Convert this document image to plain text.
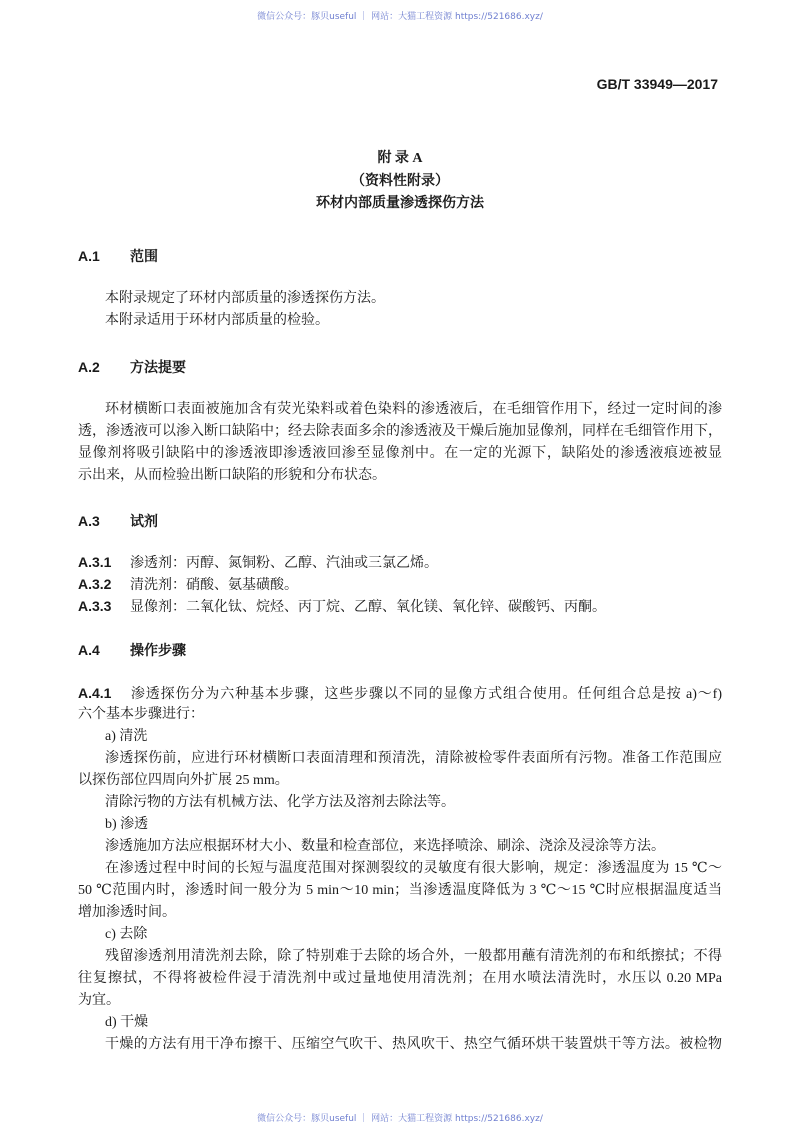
微信公众号：豚贝useful ｜ 网站：大猫工程资源 https://521686.xyz/
GB/T 33949—2017
附 录 A
（资料性附录）
环材内部质量渗透探伤方法
A.1 范围
本附录规定了环材内部质量的渗透探伤方法。
本附录适用于环材内部质量的检验。
A.2 方法提要
环材横断口表面被施加含有荧光染料或着色染料的渗透液后，在毛细管作用下，经过一定时间的渗
透，渗透液可以渗入断口缺陷中；经去除表面多余的渗透液及干燥后施加显像剂，同样在毛细管作用下，
显像剂将吸引缺陷中的渗透液即渗透液回渗至显像剂中。在一定的光源下，缺陷处的渗透液痕迹被显
示出来，从而检验出断口缺陷的形貌和分布状态。
A.3 试剂
A.3.1 渗透剂：丙醇、氮铜粉、乙醇、汽油或三氯乙烯。
A.3.2 清洗剂：硝酸、氨基磺酸。
A.3.3 显像剂：二氧化钛、烷烃、丙丁烷、乙醇、氧化镁、氧化锌、碳酸钙、丙酮。
A.4 操作步骤
A.4.1 渗透探伤分为六种基本步骤，这些步骤以不同的显像方式组合使用。任何组合总是按 a)～f)
六个基本步骤进行：
a) 清洗
渗透探伤前，应进行环材横断口表面清理和预清洗，清除被检零件表面所有污物。准备工作范围应
以探伤部位四周向外扩展 25 mm。
清除污物的方法有机械方法、化学方法及溶剂去除法等。
b) 渗透
渗透施加方法应根据环材大小、数量和检查部位，来选择喷涂、刷涂、浇涂及浸涂等方法。
在渗透过程中时间的长短与温度范围对探测裂纹的灵敏度有很大影响，规定：渗透温度为 15 ℃～
50 ℃范围内时，渗透时间一般分为 5 min～10 min；当渗透温度降低为 3 ℃～15 ℃时应根据温度适当
增加渗透时间。
c) 去除
残留渗透剂用清洗剂去除，除了特别难于去除的场合外，一般都用蘸有清洗剂的布和纸擦拭；不得
往复擦拭，不得将被检件浸于清洗剂中或过量地使用清洗剂；在用水喷法清洗时，水压以 0.20 MPa
为宜。
d) 干燥
干燥的方法有用干净布擦干、压缩空气吹干、热风吹干、热空气循环烘干装置烘干等方法。被检物
微信公众号：豚贝useful ｜ 网站：大猫工程资源 https://521686.xyz/
